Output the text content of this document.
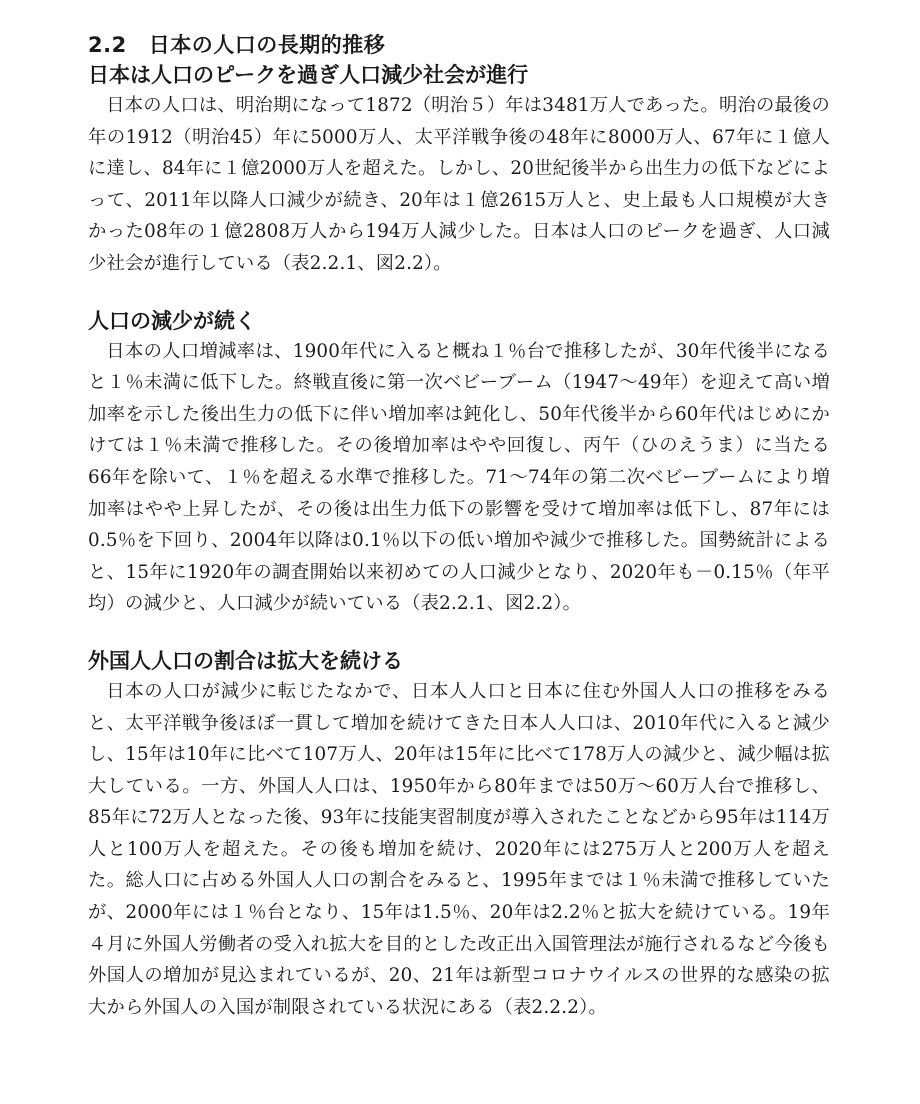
2.2 日本の人口の長期的推移
日本は人口のピークを過ぎ人口減少社会が進行

日本の人口は、明治期になって1872（明治５）年は3481万人であった。明治の最後の年の1912（明治45）年に5000万人、太平洋戦争後の48年に8000万人、67年に１億人に達し、84年に１億2000万人を超えた。しかし、20世紀後半から出生力の低下などによって、2011年以降人口減少が続き、20年は１億2615万人と、史上最も人口規模が大きかった08年の１億2808万人から194万人減少した。日本は人口のピークを過ぎ、人口減少社会が進行している（表2.2.1、図2.2）。

人口の減少が続く

日本の人口増減率は、1900年代に入ると概ね１％台で推移したが、30年代後半になると１％未満に低下した。終戦直後に第一次ベビーブーム（1947～49年）を迎えて高い増加率を示した後出生力の低下に伴い増加率は鈍化し、50年代後半から60年代はじめにかけては１％未満で推移した。その後増加率はやや回復し、丙午（ひのえうま）に当たる66年を除いて、１％を超える水準で推移した。71～74年の第二次ベビーブームにより増加率はやや上昇したが、その後は出生力低下の影響を受けて増加率は低下し、87年には0.5％を下回り、2004年以降は0.1％以下の低い増加や減少で推移した。国勢統計によると、15年に1920年の調査開始以来初めての人口減少となり、2020年も－0.15％（年平均）の減少と、人口減少が続いている（表2.2.1、図2.2）。

外国人人口の割合は拡大を続ける

日本の人口が減少に転じたなかで、日本人人口と日本に住む外国人人口の推移をみると、太平洋戦争後ほぼ一貫して増加を続けてきた日本人人口は、2010年代に入ると減少し、15年は10年に比べて107万人、20年は15年に比べて178万人の減少と、減少幅は拡大している。一方、外国人人口は、1950年から80年までは50万～60万人台で推移し、85年に72万人となった後、93年に技能実習制度が導入されたことなどから95年は114万人と100万人を超えた。その後も増加を続け、2020年には275万人と200万人を超えた。総人口に占める外国人人口の割合をみると、1995年までは１％未満で推移していたが、2000年には１％台となり、15年は1.5％、20年は2.2％と拡大を続けている。19年４月に外国人労働者の受入れ拡大を目的とした改正出入国管理法が施行されるなど今後も外国人の増加が見込まれているが、20、21年は新型コロナウイルスの世界的な感染の拡大から外国人の入国が制限されている状況にある（表2.2.2）。
